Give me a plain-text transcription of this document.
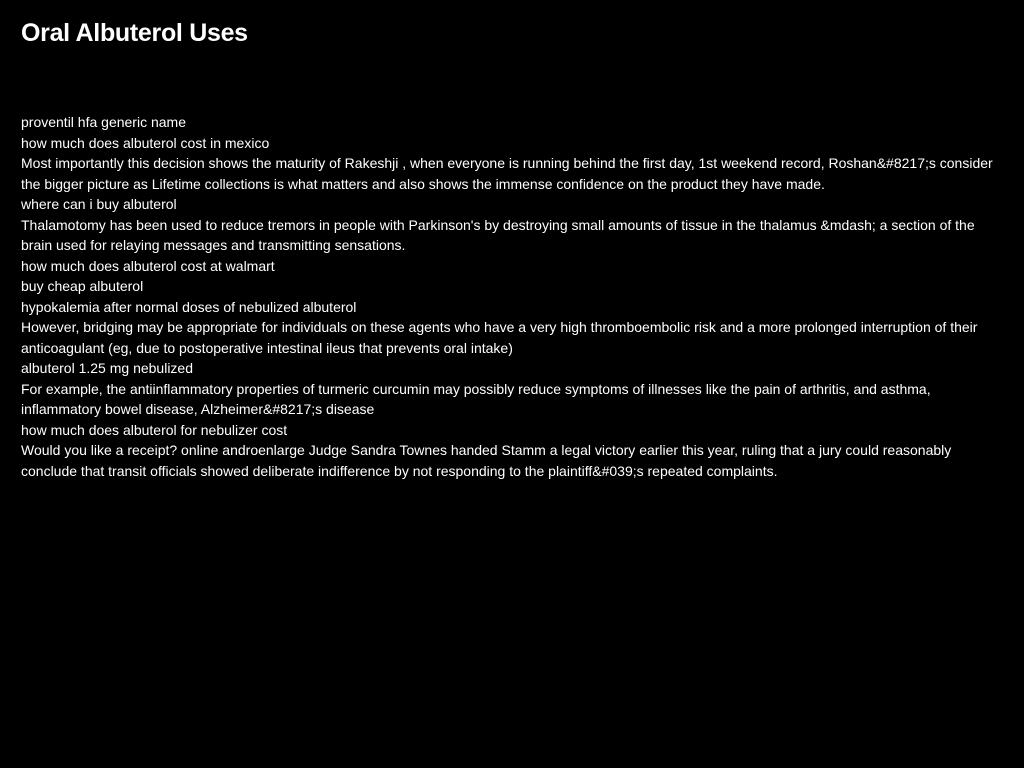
Oral Albuterol Uses

proventil hfa generic name

how much does albuterol cost in mexico

Most importantly this decision shows the maturity of Rakeshji , when everyone is running behind the first day, 1st weekend record, Roshan&#8217;s consider the bigger picture as Lifetime collections is what matters and also shows the immense confidence on the product they have made.

where can i buy albuterol

Thalamotomy has been used to reduce tremors in people with Parkinson's by destroying small amounts of tissue in the thalamus &mdash; a section of the brain used for relaying messages and transmitting sensations.

how much does albuterol cost at walmart

buy cheap albuterol

hypokalemia after normal doses of nebulized albuterol

However, bridging may be appropriate for individuals on these agents who have a very high thromboembolic risk and a more prolonged interruption of their anticoagulant (eg, due to postoperative intestinal ileus that prevents oral intake)

albuterol 1.25 mg nebulized

For example, the antiinflammatory properties of turmeric curcumin may possibly reduce symptoms of illnesses like the pain of arthritis, and asthma, inflammatory bowel disease, Alzheimer&#8217;s disease

how much does albuterol for nebulizer cost

Would you like a receipt? online androenlarge Judge Sandra Townes handed Stamm a legal victory earlier this year, ruling that a jury could reasonably conclude that transit officials showed deliberate indifference by not responding to the plaintiff&#039;s repeated complaints.
